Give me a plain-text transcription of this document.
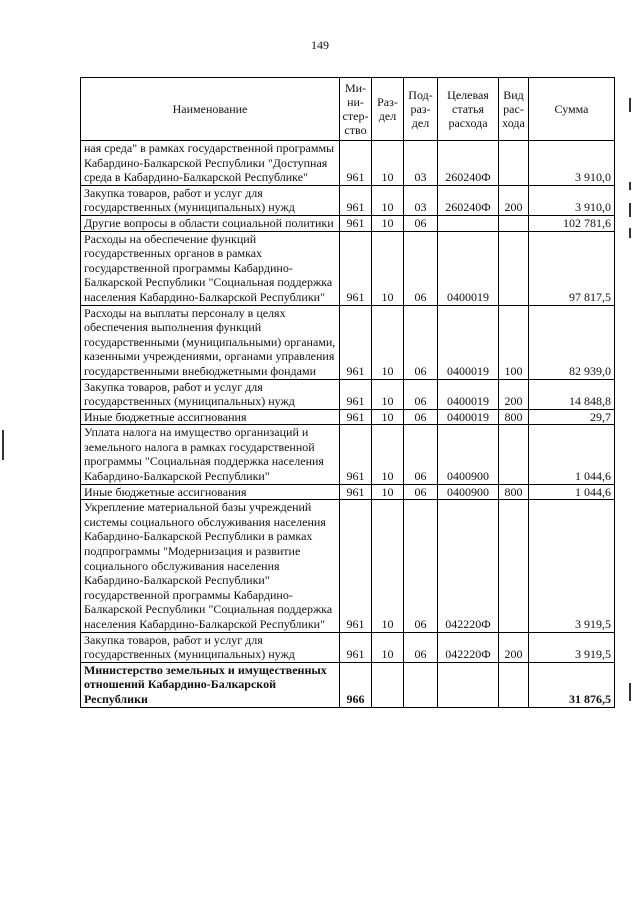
149
Наименование	Ми-ни-стер-ство	Раз-дел	Под-раз-дел	Целевая статья расхода	Вид рас-хода	Сумма
ная среда" в рамках государственной программы Кабардино-Балкарской Республики "Доступная среда в Кабардино-Балкарской Республике"	961	10	03	260240Ф		3 910,0
Закупка товаров, работ и услуг для государственных (муниципальных) нужд	961	10	03	260240Ф	200	3 910,0
Другие вопросы в области социальной политики	961	10	06			102 781,6
Расходы на обеспечение функций государственных органов в рамках государственной программы Кабардино-Балкарской Республики "Социальная поддержка населения Кабардино-Балкарской Республики"	961	10	06	0400019		97 817,5
Расходы на выплаты персоналу в целях обеспечения выполнения функций государственными (муниципальными) органами, казенными учреждениями, органами управления государственными внебюджетными фондами	961	10	06	0400019	100	82 939,0
Закупка товаров, работ и услуг для государственных (муниципальных) нужд	961	10	06	0400019	200	14 848,8
Иные бюджетные ассигнования	961	10	06	0400019	800	29,7
Уплата налога на имущество организаций и земельного налога в рамках государственной программы "Социальная поддержка населения Кабардино-Балкарской Республики"	961	10	06	0400900		1 044,6
Иные бюджетные ассигнования	961	10	06	0400900	800	1 044,6
Укрепление материальной базы учреждений системы социального обслуживания населения Кабардино-Балкарской Республики в рамках подпрограммы "Модернизация и развитие социального обслуживания населения Кабардино-Балкарской Республики" государственной программы Кабардино-Балкарской Республики "Социальная поддержка населения Кабардино-Балкарской Республики"	961	10	06	042220Ф		3 919,5
Закупка товаров, работ и услуг для государственных (муниципальных) нужд	961	10	06	042220Ф	200	3 919,5
Министерство земельных и имущественных отношений Кабардино-Балкарской Республики	966					31 876,5
